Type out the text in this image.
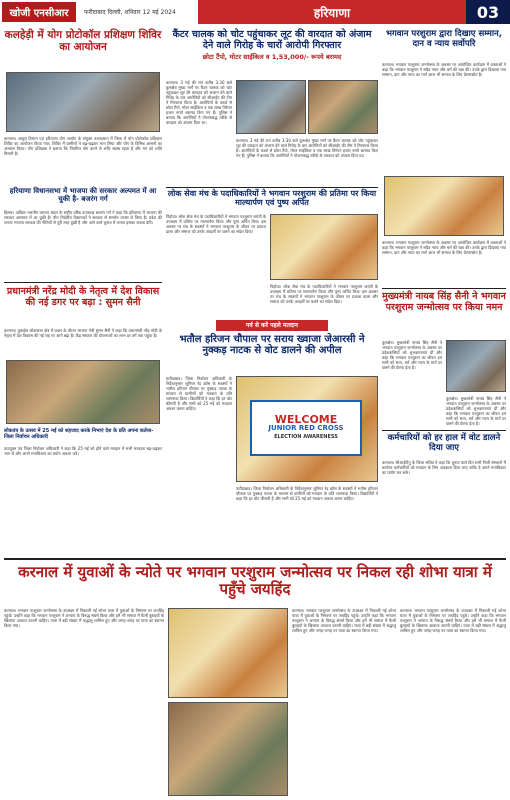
खोजी एनसीआर	फरीदाबाद दिल्ली, शनिवार 12 मई 2024	हरियाणा	03
कलहेड़ी में योग प्रोटोकॉल प्रशिक्षण शिविर का आयोजन
करनाल। आयुष विभाग एवं हरियाणा योग आयोग के संयुक्त तत्वावधान में जिला में योग प्रोटोकॉल प्रशिक्षण शिविर का आयोजन किया गया। शिविर में ग्रामीणों ने बढ़-चढ़कर भाग लिया और योग के विभिन्न आसनों का अभ्यास किया। योग प्रशिक्षक ने बताया कि नियमित योग करने से शरीर स्वस्थ रहता है और मन को शांति मिलती है।
हरियाणा विधानसभा में भाजपा की सरकार अल्पमत में आ चुकी है- बजरंग गर्ग
हिसार। अखिल भारतीय व्यापार मंडल के राष्ट्रीय वरिष्ठ उपाध्यक्ष बजरंग गर्ग ने कहा कि हरियाणा में भाजपा की सरकार अल्पमत में आ चुकी है। तीन निर्दलीय विधायकों ने सरकार से समर्थन वापस ले लिया है। प्रदेश की जनता भाजपा सरकार की नीतियों से पूरी तरह दुखी है और आने वाले चुनाव में जनता इसका जवाब देगी।
प्रधानमंत्री नरेंद्र मोदी के नेतृत्व में देश विकास की नई डगर पर बढ़ा : सुमन सैनी
करनाल। कुरुक्षेत्र लोकसभा क्षेत्र में प्रचार के दौरान भाजपा नेत्री सुमन सैनी ने कहा कि प्रधानमंत्री नरेंद्र मोदी के नेतृत्व में देश विकास की नई राह पर आगे बढ़ा है। केंद्र सरकार की योजनाओं का लाभ हर वर्ग तक पहुंचा है।
लोकतंत्र के उत्सव में 25 मई को शहजाद करके निभाएं देश के प्रति अपना कर्तव्य- जिला निर्वाचन अधिकारी
उपायुक्त एवं जिला निर्वाचन अधिकारी ने कहा कि 25 मई को होने वाले मतदान में सभी मतदाता बढ़-चढ़कर भाग लें और अपने मताधिकार का प्रयोग अवश्य करें।
कैंटर चालक को चोट पहुंचाकर लूट की वारदात को अंजाम देने वाले गिरोह के चारों आरोपी गिरफ्तार
छोटा टैंपो, मोटर साईकिल व 1,53,000/- रूपये बरामद
करनाल। 3 मई की रात करीब 3:30 बजे कुरुक्षेत्र मुख्य मार्ग पर कैंटर चालक को चोट पहुंचाकर लूट की वारदात को अंजाम देने वाले गिरोह के चार आरोपियों को सीआईए की टीम ने गिरफ्तार किया है। आरोपियों के कब्जे से छोटा टैंपो, मोटर साईकिल व एक लाख तिरेपन हजार रुपये बरामद किए गए हैं। पुलिस ने बताया कि आरोपियों ने योजनाबद्ध तरीके से वारदात को अंजाम दिया था।
करनाल। 3 मई की रात करीब 3:30 बजे कुरुक्षेत्र मुख्य मार्ग पर कैंटर चालक को चोट पहुंचाकर लूट की वारदात को अंजाम देने वाले गिरोह के चार आरोपियों को सीआईए की टीम ने गिरफ्तार किया है। आरोपियों के कब्जे से छोटा टैंपो, मोटर साईकिल व एक लाख तिरेपन हजार रुपये बरामद किए गए हैं। पुलिस ने बताया कि आरोपियों ने योजनाबद्ध तरीके से वारदात को अंजाम दिया था।
लोक सेवा मंच के पदाधिकारियों ने भगवान परशुराम की प्रतिमा पर किया माल्यार्पण एवं पुष्प अर्पित
पिहोवा। लोक सेवा मंच के पदाधिकारियों ने भगवान परशुराम जयंती के उपलक्ष्य में प्रतिमा पर माल्यार्पण किया और पुष्प अर्पित किए। इस अवसर पर मंच के सदस्यों ने भगवान परशुराम के जीवन पर प्रकाश डाला और समाज को उनके आदर्शों पर चलने का संदेश दिया।
पिहोवा। लोक सेवा मंच के पदाधिकारियों ने भगवान परशुराम जयंती के उपलक्ष्य में प्रतिमा पर माल्यार्पण किया और पुष्प अर्पित किए। इस अवसर पर मंच के सदस्यों ने भगवान परशुराम के जीवन पर प्रकाश डाला और समाज को उनके आदर्शों पर चलने का संदेश दिया।
भगवान परशुराम द्वारा दिखाए सम्मान, दान व न्याय सर्वोपरि
करनाल। भगवान परशुराम जन्मोत्सव के अवसर पर आयोजित कार्यक्रम में वक्ताओं ने कहा कि भगवान परशुराम ने सदैव न्याय और धर्म की रक्षा की। उनके द्वारा दिखाया गया सम्मान, दान और न्याय का मार्ग आज भी समाज के लिए प्रेरणास्रोत है।
करनाल। भगवान परशुराम जन्मोत्सव के अवसर पर आयोजित कार्यक्रम में वक्ताओं ने कहा कि भगवान परशुराम ने सदैव न्याय और धर्म की रक्षा की। उनके द्वारा दिखाया गया सम्मान, दान और न्याय का मार्ग आज भी समाज के लिए प्रेरणास्रोत है।
मुख्यमंत्री नायब सिंह सैनी ने भगवान परशुराम जन्मोत्सव पर किया नमन
कुरुक्षेत्र। मुख्यमंत्री नायब सिंह सैनी ने भगवान परशुराम जन्मोत्सव के अवसर पर प्रदेशवासियों को शुभकामनाएं दीं और कहा कि भगवान परशुराम का जीवन हम सभी को सत्य, धर्म और न्याय के मार्ग पर चलने की प्रेरणा देता है।
कुरुक्षेत्र। मुख्यमंत्री नायब सिंह सैनी ने भगवान परशुराम जन्मोत्सव के अवसर पर प्रदेशवासियों को शुभकामनाएं दीं और कहा कि भगवान परशुराम का जीवन हम सभी को सत्य, धर्म और न्याय के मार्ग पर चलने की प्रेरणा देता है।
कर्मचारियों को हर हाल में वोट डालने दिया जाए
करनाल। सीआईटीयू के जिला सचिव ने कहा कि चुनाव वाले दिन सभी निजी संस्थानों में कार्यरत कर्मचारियों को मतदान के लिए अवकाश दिया जाए ताकि वे अपने मताधिकार का प्रयोग कर सकें।
गर्व से करें पहले मतदान
भतौल हरिजन चौपाल पर सराय ख्वाजा जेआरसी ने नुक्कड़ नाटक से वोट डालने की अपील
फरीदाबाद। जिला निर्वाचन अधिकारी के निर्देशानुसार जूनियर रेड क्रॉस के सदस्यों ने भतौल हरिजन चौपाल पर नुक्कड़ नाटक के माध्यम से ग्रामीणों को मतदान के प्रति जागरूक किया। विद्यार्थियों ने कहा कि हर वोट कीमती है और सभी को 25 मई को मतदान अवश्य करना चाहिए।
WELCOME
JUNIOR RED CROSS
ELECTION AWARENESS
फरीदाबाद। जिला निर्वाचन अधिकारी के निर्देशानुसार जूनियर रेड क्रॉस के सदस्यों ने भतौल हरिजन चौपाल पर नुक्कड़ नाटक के माध्यम से ग्रामीणों को मतदान के प्रति जागरूक किया। विद्यार्थियों ने कहा कि हर वोट कीमती है और सभी को 25 मई को मतदान अवश्य करना चाहिए।
करनाल में युवाओं के न्योते पर भगवान परशुराम जन्मोत्सव पर निकल रही शोभा यात्रा में पहुँचे जयहिंद
करनाल। भगवान परशुराम जन्मोत्सव के उपलक्ष्य में निकाली गई शोभा यात्रा में युवाओं के निमंत्रण पर जयहिंद पहुंचे। उन्होंने कहा कि भगवान परशुराम ने अन्याय के विरुद्ध संघर्ष किया और हमें भी समाज में फैली बुराइयों के खिलाफ आवाज उठानी चाहिए। यात्रा में बड़ी संख्या में श्रद्धालु शामिल हुए और जगह-जगह पर यात्रा का स्वागत किया गया।
करनाल। भगवान परशुराम जन्मोत्सव के उपलक्ष्य में निकाली गई शोभा यात्रा में युवाओं के निमंत्रण पर जयहिंद पहुंचे। उन्होंने कहा कि भगवान परशुराम ने अन्याय के विरुद्ध संघर्ष किया और हमें भी समाज में फैली बुराइयों के खिलाफ आवाज उठानी चाहिए। यात्रा में बड़ी संख्या में श्रद्धालु शामिल हुए और जगह-जगह पर यात्रा का स्वागत किया गया।
करनाल। भगवान परशुराम जन्मोत्सव के उपलक्ष्य में निकाली गई शोभा यात्रा में युवाओं के निमंत्रण पर जयहिंद पहुंचे। उन्होंने कहा कि भगवान परशुराम ने अन्याय के विरुद्ध संघर्ष किया और हमें भी समाज में फैली बुराइयों के खिलाफ आवाज उठानी चाहिए। यात्रा में बड़ी संख्या में श्रद्धालु शामिल हुए और जगह-जगह पर यात्रा का स्वागत किया गया।
